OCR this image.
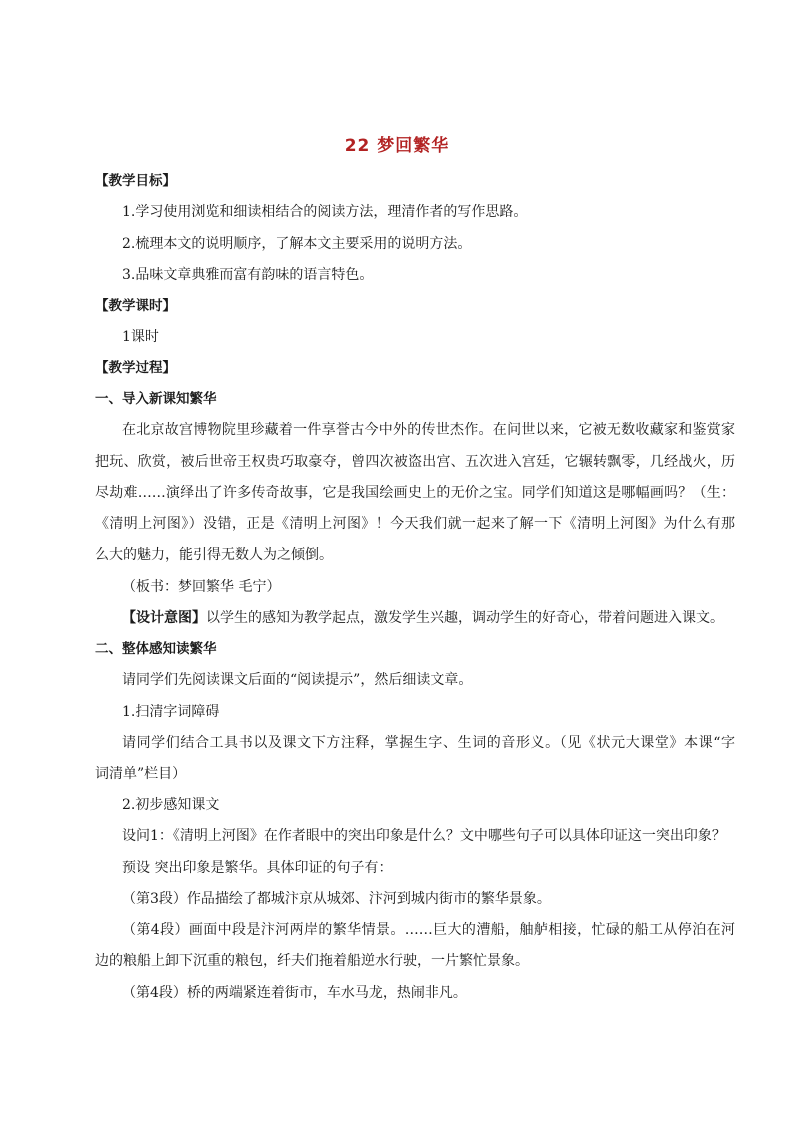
22 梦回繁华
【教学目标】
1.学习使用浏览和细读相结合的阅读方法，理清作者的写作思路。
2.梳理本文的说明顺序，了解本文主要采用的说明方法。
3.品味文章典雅而富有韵味的语言特色。
【教学课时】
1课时
【教学过程】
一、导入新课知繁华
在北京故宫博物院里珍藏着一件享誉古今中外的传世杰作。在问世以来，它被无数收藏家和鉴赏家
把玩、欣赏，被后世帝王权贵巧取豪夺，曾四次被盗出宫、五次进入宫廷，它辗转飘零，几经战火，历
尽劫难……演绎出了许多传奇故事，它是我国绘画史上的无价之宝。同学们知道这是哪幅画吗？（生：
《清明上河图》）没错，正是《清明上河图》！今天我们就一起来了解一下《清明上河图》为什么有那
么大的魅力，能引得无数人为之倾倒。
（板书：梦回繁华 毛宁）
【设计意图】以学生的感知为教学起点，激发学生兴趣，调动学生的好奇心，带着问题进入课文。
二、整体感知读繁华
请同学们先阅读课文后面的“阅读提示”，然后细读文章。
1.扫清字词障碍
请同学们结合工具书以及课文下方注释，掌握生字、生词的音形义。（见《状元大课堂》本课“字
词清单”栏目）
2.初步感知课文
设问1：《清明上河图》在作者眼中的突出印象是什么？文中哪些句子可以具体印证这一突出印象？
预设 突出印象是繁华。具体印证的句子有：
（第3段）作品描绘了都城汴京从城郊、汴河到城内街市的繁华景象。
（第4段）画面中段是汴河两岸的繁华情景。……巨大的漕船，舳舻相接，忙碌的船工从停泊在河
边的粮船上卸下沉重的粮包，纤夫们拖着船逆水行驶，一片繁忙景象。
（第4段）桥的两端紧连着街市，车水马龙，热闹非凡。
